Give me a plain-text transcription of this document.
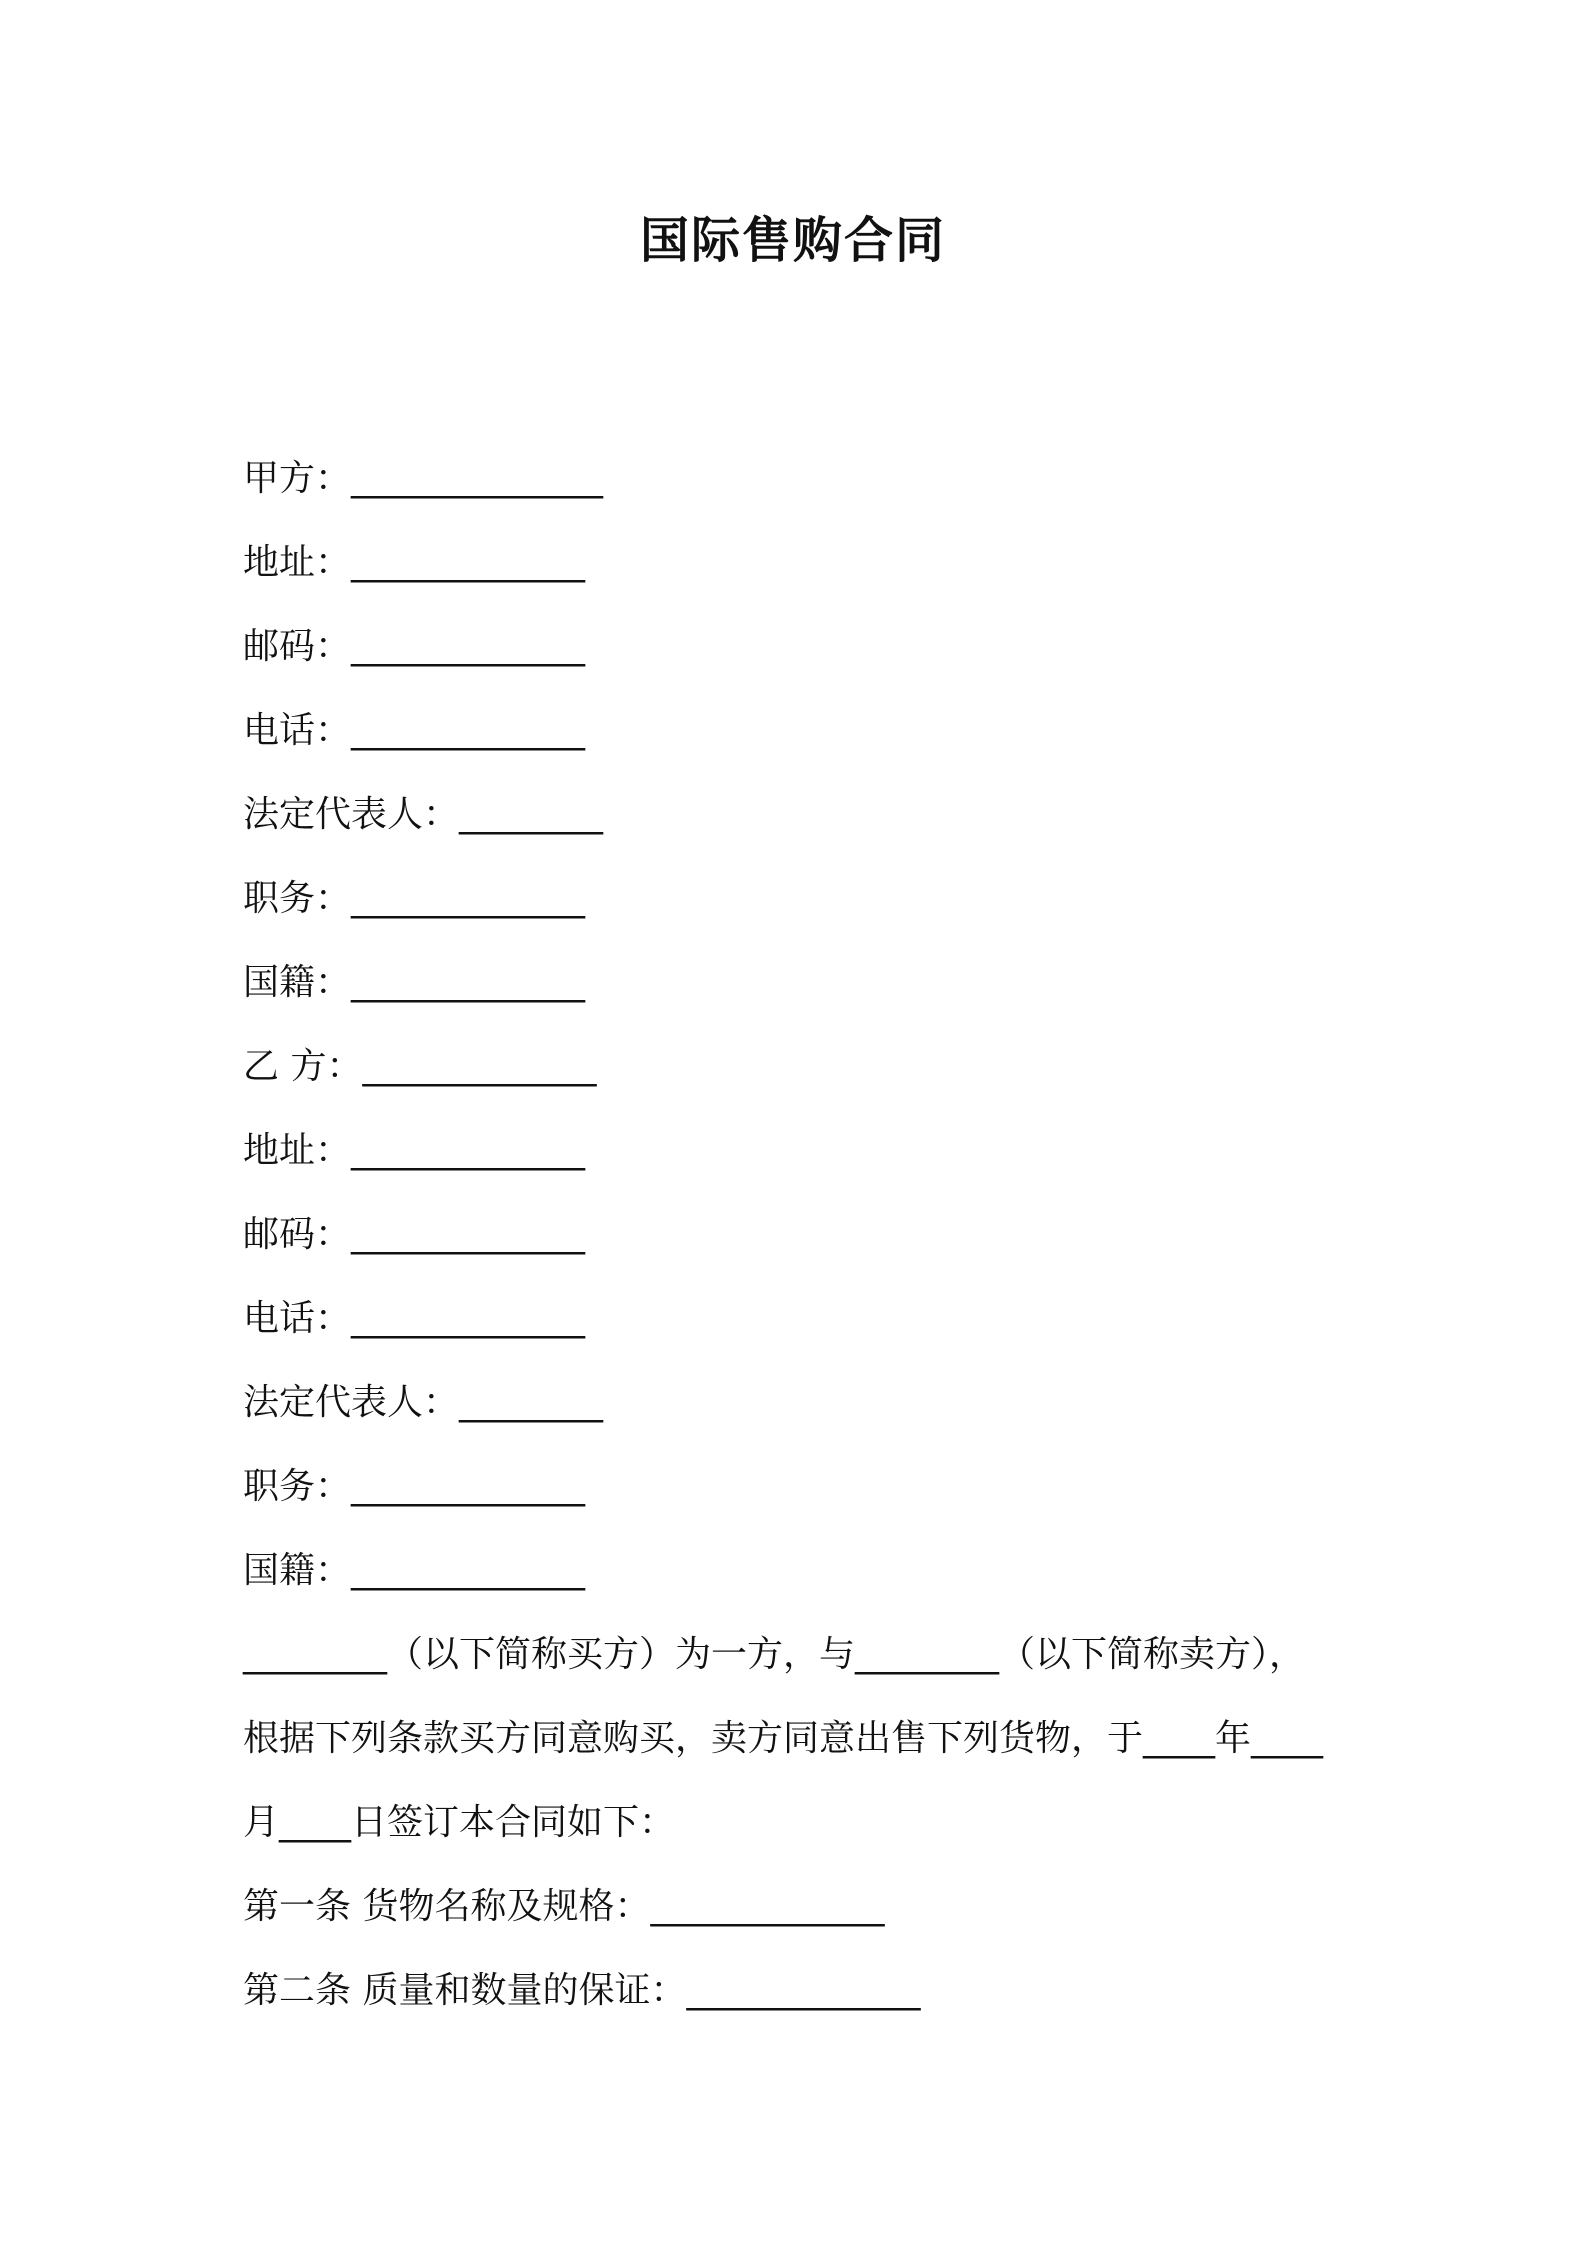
国际售购合同
甲方：______________
地址：_____________
邮码：_____________
电话：_____________
法定代表人：________
职务：_____________
国籍：_____________
乙 方：_____________
地址：_____________
邮码：_____________
电话：_____________
法定代表人：________
职务：_____________
国籍：_____________
________（以下简称买方）为一方，与________（以下简称卖方），
根据下列条款买方同意购买，卖方同意出售下列货物，于____年____
月____日签订本合同如下：
第一条 货物名称及规格：_____________
第二条 质量和数量的保证：_____________
